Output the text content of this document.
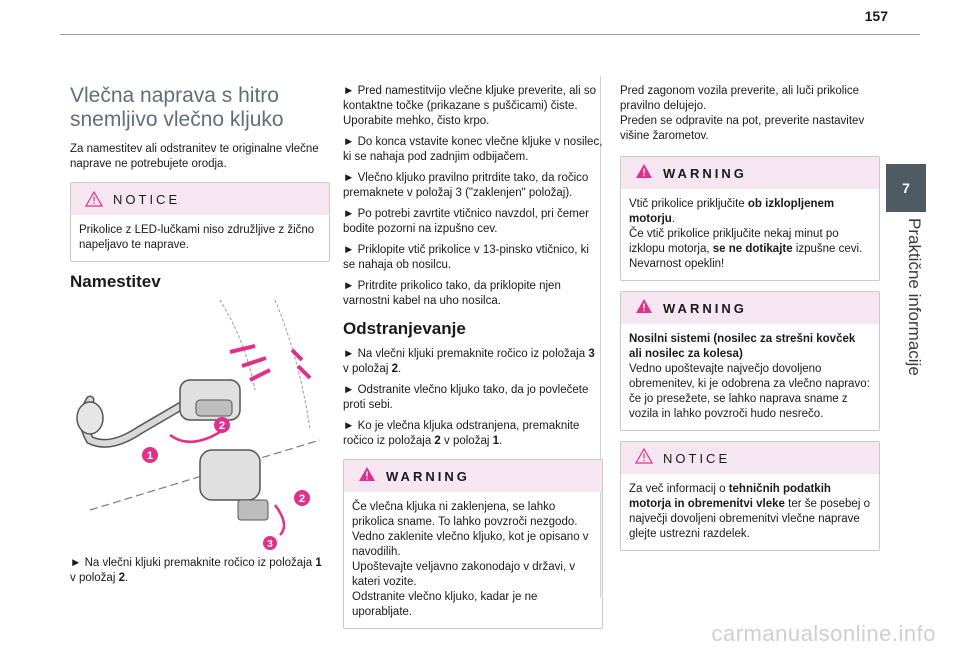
157
7
Praktične informacije
Vlečna naprava s hitro snemljivo vlečno kljuko

Za namestitev ali odstranitev te originalne vlečne naprave ne potrebujete orodja.

NOTICE
Prikolice z LED-lučkami niso združljive z žično napeljavo te naprave.
Namestitev
2
1
2
3

► Na vlečni kljuki premaknite ročico iz položaja 1 v položaj 2.

► Pred namestitvijo vlečne kljuke preverite, ali so kontaktne točke (prikazane s puščicami) čiste. Uporabite mehko, čisto krpo.

► Do konca vstavite konec vlečne kljuke v nosilec, ki se nahaja pod zadnjim odbijačem.

► Vlečno kljuko pravilno pritrdite tako, da ročico premaknete v položaj 3 ("zaklenjen" položaj).

► Po potrebi zavrtite vtičnico navzdol, pri čemer bodite pozorni na izpušno cev.

► Priklopite vtič prikolice v 13-pinsko vtičnico, ki se nahaja ob nosilcu.

► Pritrdite prikolico tako, da priklopite njen varnostni kabel na uho nosilca.

Odstranjevanje

► Na vlečni kljuki premaknite ročico iz položaja 3 v položaj 2.

► Odstranite vlečno kljuko tako, da jo povlečete proti sebi.

► Ko je vlečna kljuka odstranjena, premaknite ročico iz položaja 2 v položaj 1.

WARNING
Če vlečna kljuka ni zaklenjena, se lahko prikolica sname. To lahko povzroči nezgodo.
Vedno zaklenite vlečno kljuko, kot je opisano v navodilih.
Upoštevajte veljavno zakonodajo v državi, v kateri vozite.
Odstranite vlečno kljuko, kadar je ne uporabljate.

Pred zagonom vozila preverite, ali luči prikolice pravilno delujejo.

Preden se odpravite na pot, preverite nastavitev višine žarometov.

WARNING
Vtič prikolice priključite ob izklopljenem motorju.
Če vtič prikolice priključite nekaj minut po izklopu motorja, se ne dotikajte izpušne cevi. Nevarnost opeklin!
WARNING
Nosilni sistemi (nosilec za strešni kovček ali nosilec za kolesa)
Vedno upoštevajte največjo dovoljeno obremenitev, ki je odobrena za vlečno napravo: če jo presežete, se lahko naprava sname z vozila in lahko povzroči hudo nesrečo.
NOTICE
Za več informacij o tehničnih podatkih motorja in obremenitvi vleke ter še posebej o največji dovoljeni obremenitvi vlečne naprave glejte ustrezni razdelek.
carmanualsonline.info
